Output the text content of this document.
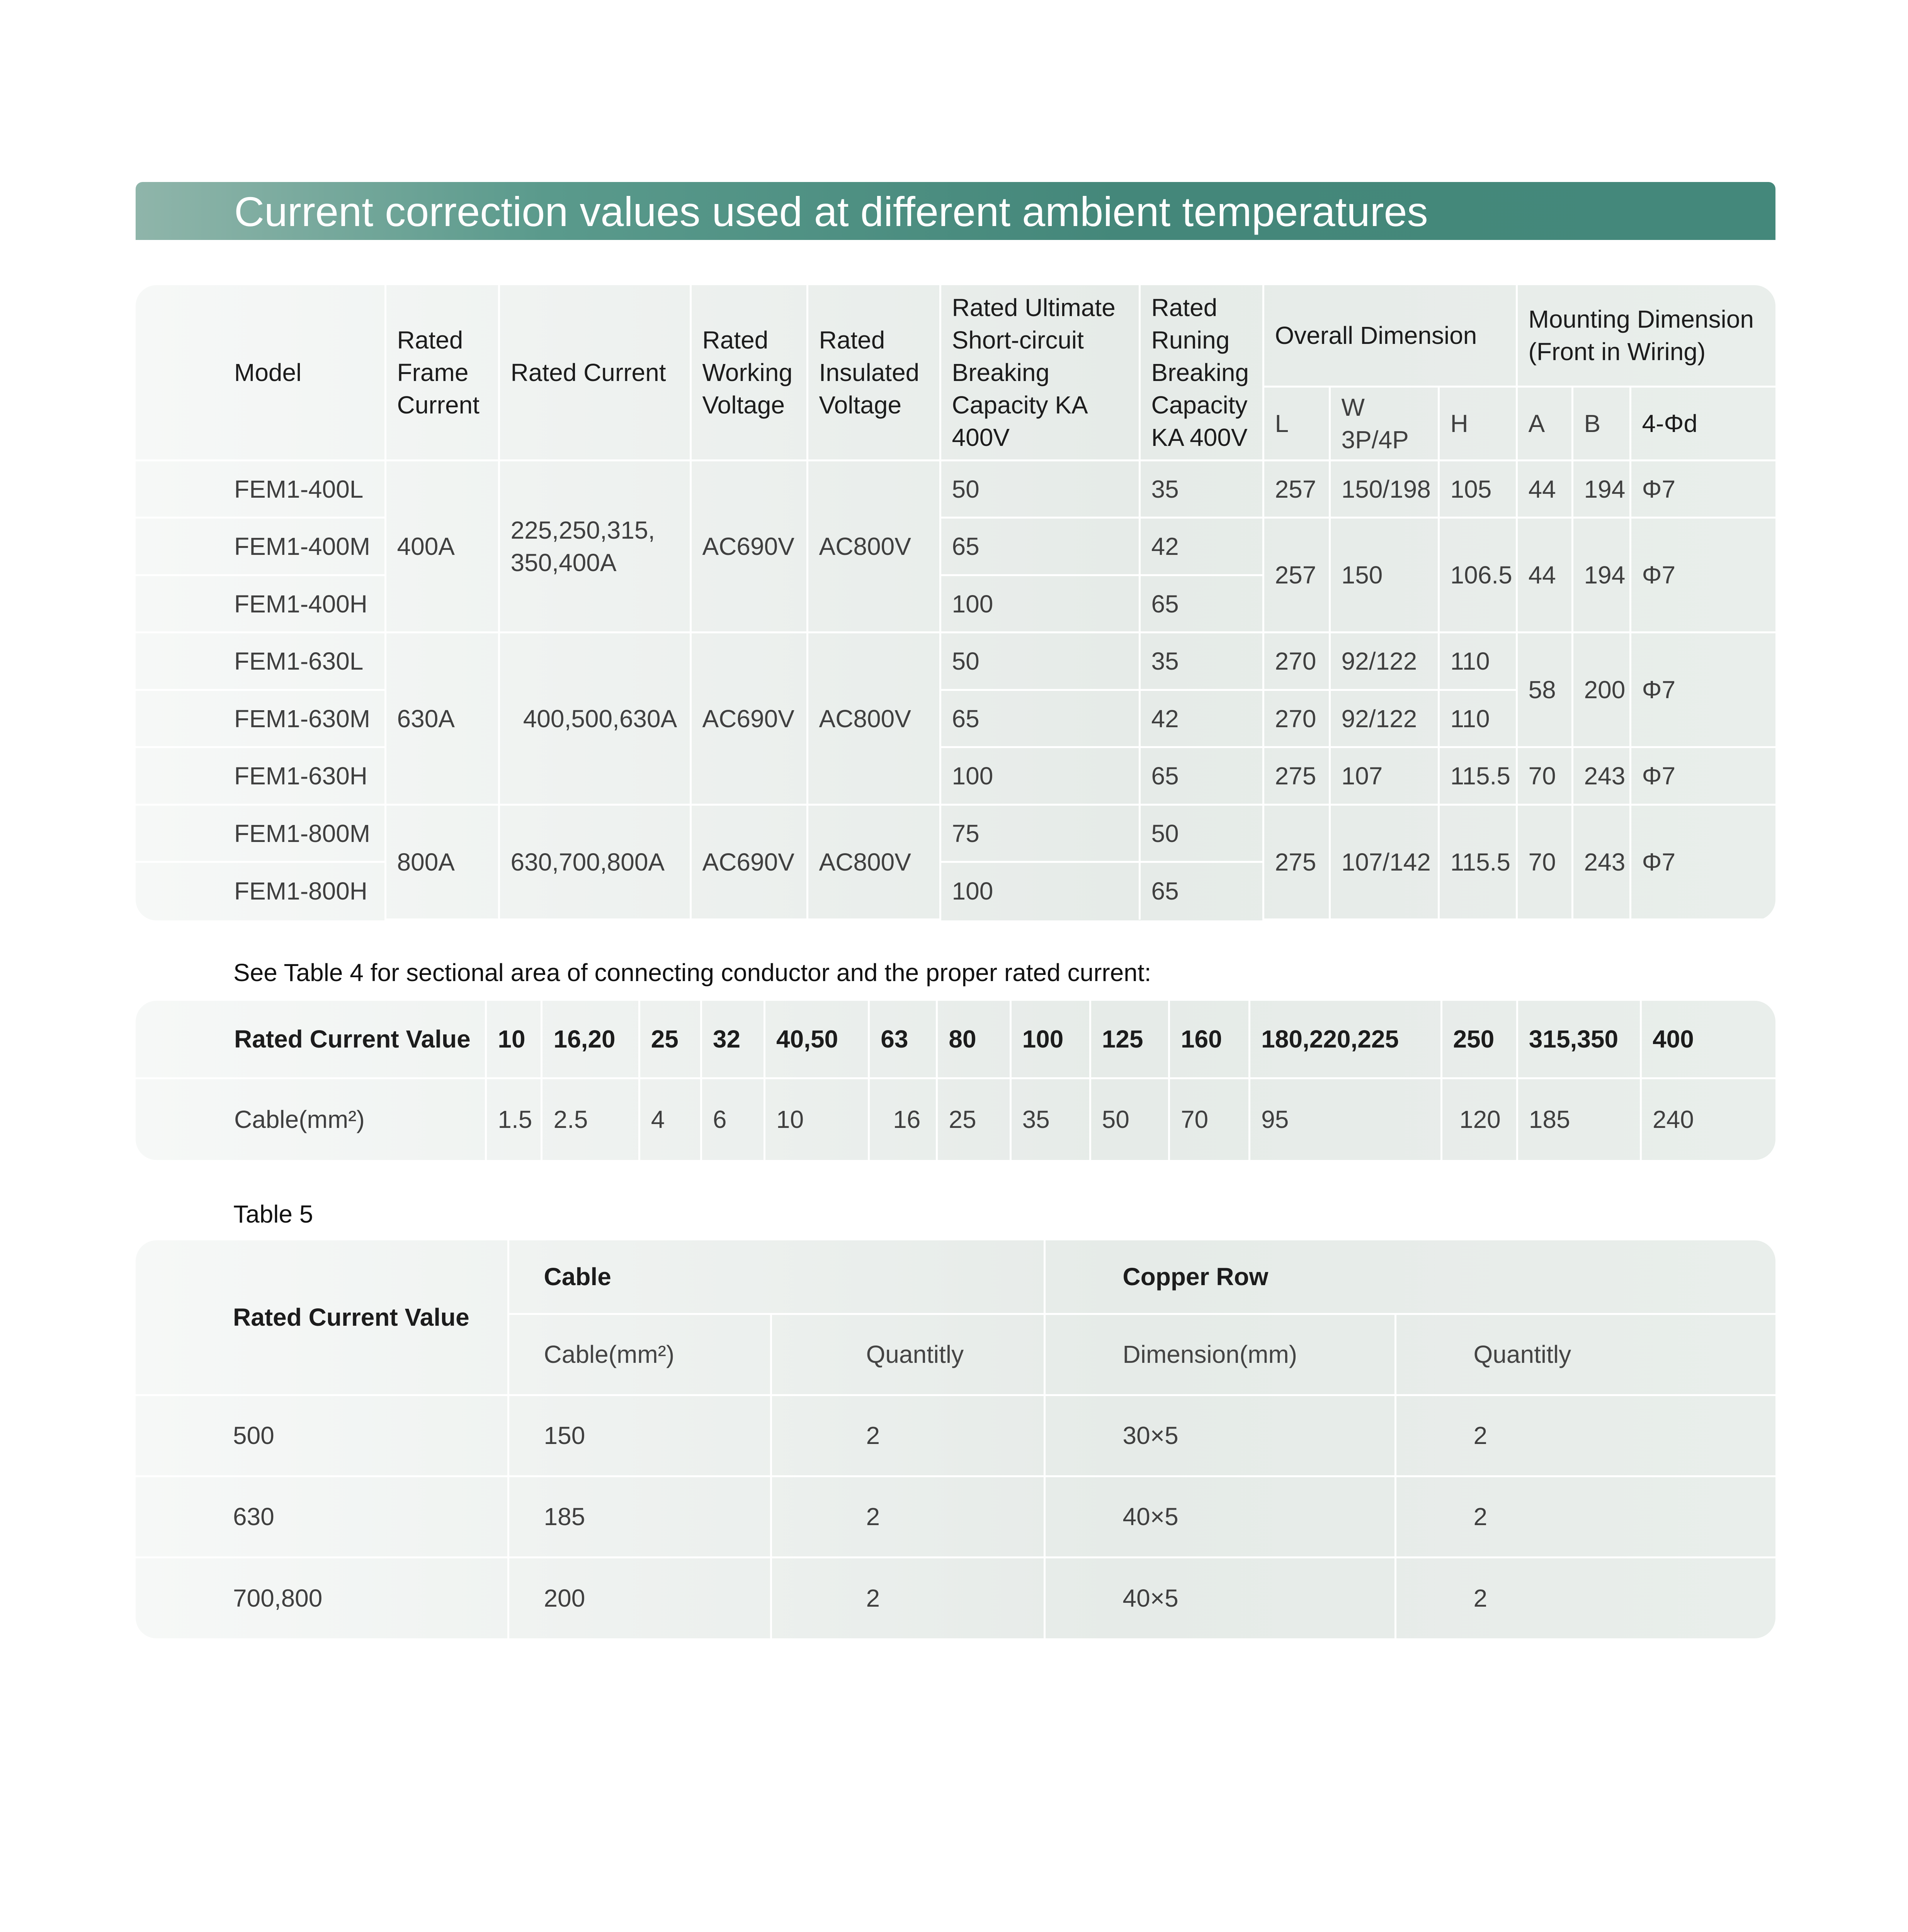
Current correction values used at different ambient temperatures
Model	Rated Frame Current	Rated Current	Rated Working Voltage	Rated Insulated Voltage	Rated Ultimate Short-circuit Breaking Capacity KA 400V	Rated Runing Breaking Capacity KA 400V	Overall Dimension			Mounting Dimension (Front in Wiring)		
							L	W 3P/4P	H	A	B	4-Φd
FEM1-400L	400A	225,250,315, 350,400A	AC690V	AC800V	50	35	257	150/198	105	44	194	Φ7
FEM1-400M					65	42	257	150	106.5	44	194	Φ7
FEM1-400H					100	65						
FEM1-630L	630A	400,500,630A	AC690V	AC800V	50	35	270	92/122	110	58	200	Φ7
FEM1-630M					65	42	270	92/122	110			
FEM1-630H					100	65	275	107	115.5	70	243	Φ7
FEM1-800M	800A	630,700,800A	AC690V	AC800V	75	50	275	107/142	115.5	70	243	Φ7
FEM1-800H					100	65						
See Table 4 for sectional area of connecting conductor and the proper rated current:
Rated Current Value	10	16,20	25	32	40,50	63	80	100	125	160	180,220,225	250	315,350	400
Cable(mm²)	1.5	2.5	4	6	10	16	25	35	50	70	95	120	185	240
Table 5
Rated Current Value	Cable		Copper Row	
	Cable(mm²)	Quantitly	Dimension(mm)	Quantitly
500	150	2	30×5	2
630	185	2	40×5	2
700,800	200	2	40×5	2
